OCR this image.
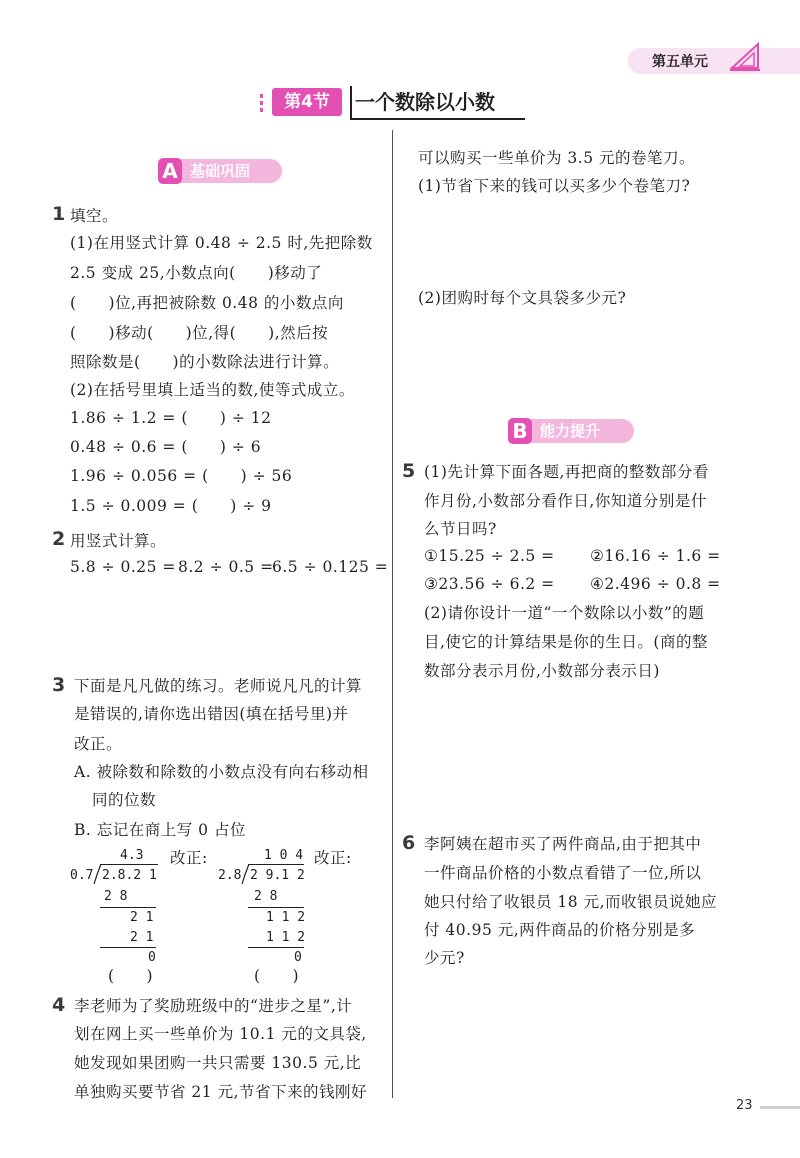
第五单元
第4节	一个数除以小数
A 基础巩固
1 填空。
(1)在用竖式计算 0.48 ÷ 2.5 时,先把除数
2.5 变成 25,小数点向(　　)移动了
(　　)位,再把被除数 0.48 的小数点向
(　　)移动(　　)位,得(　　),然后按
照除数是(　　)的小数除法进行计算。
(2)在括号里填上适当的数,使等式成立。
1.86 ÷ 1.2 = (　　) ÷ 12
0.48 ÷ 0.6 = (　　) ÷ 6
1.96 ÷ 0.056 = (　　) ÷ 56
1.5 ÷ 0.009 = (　　) ÷ 9
2 用竖式计算。
5.8 ÷ 0.25 = 8.2 ÷ 0.5 =
6.5 ÷ 0.125 =
3 下面是凡凡做的练习。老师说凡凡的计算
是错误的,请你选出错因(填在括号里)并
改正。
A. 被除数和除数的小数点没有向右移动相
同的位数
B. 忘记在商上写 0 占位
4.3
0.7 2.8.2 1
2 8
2 1
2 1
0
(　　)
改正:	1 0 4
2.8 2 9.1 2
2 8
1 1 2
1 1 2
0
(　　)
改正:
4 李老师为了奖励班级中的“进步之星”,计
划在网上买一些单价为 10.1 元的文具袋,
她发现如果团购一共只需要 130.5 元,比
单独购买要节省 21 元,节省下来的钱刚好
可以购买一些单价为 3.5 元的卷笔刀。
(1)节省下来的钱可以买多少个卷笔刀?
(2)团购时每个文具袋多少元?
B 能力提升
5 (1)先计算下面各题,再把商的整数部分看
作月份,小数部分看作日,你知道分别是什
么节日吗?
①15.25 ÷ 2.5 = ②16.16 ÷ 1.6 =
③23.56 ÷ 6.2 = ④2.496 ÷ 0.8 =
(2)请你设计一道“一个数除以小数”的题
目,使它的计算结果是你的生日。(商的整
数部分表示月份,小数部分表示日)
6 李阿姨在超市买了两件商品,由于把其中
一件商品价格的小数点看错了一位,所以
她只付给了收银员 18 元,而收银员说她应
付 40.95 元,两件商品的价格分别是多
少元?
23
